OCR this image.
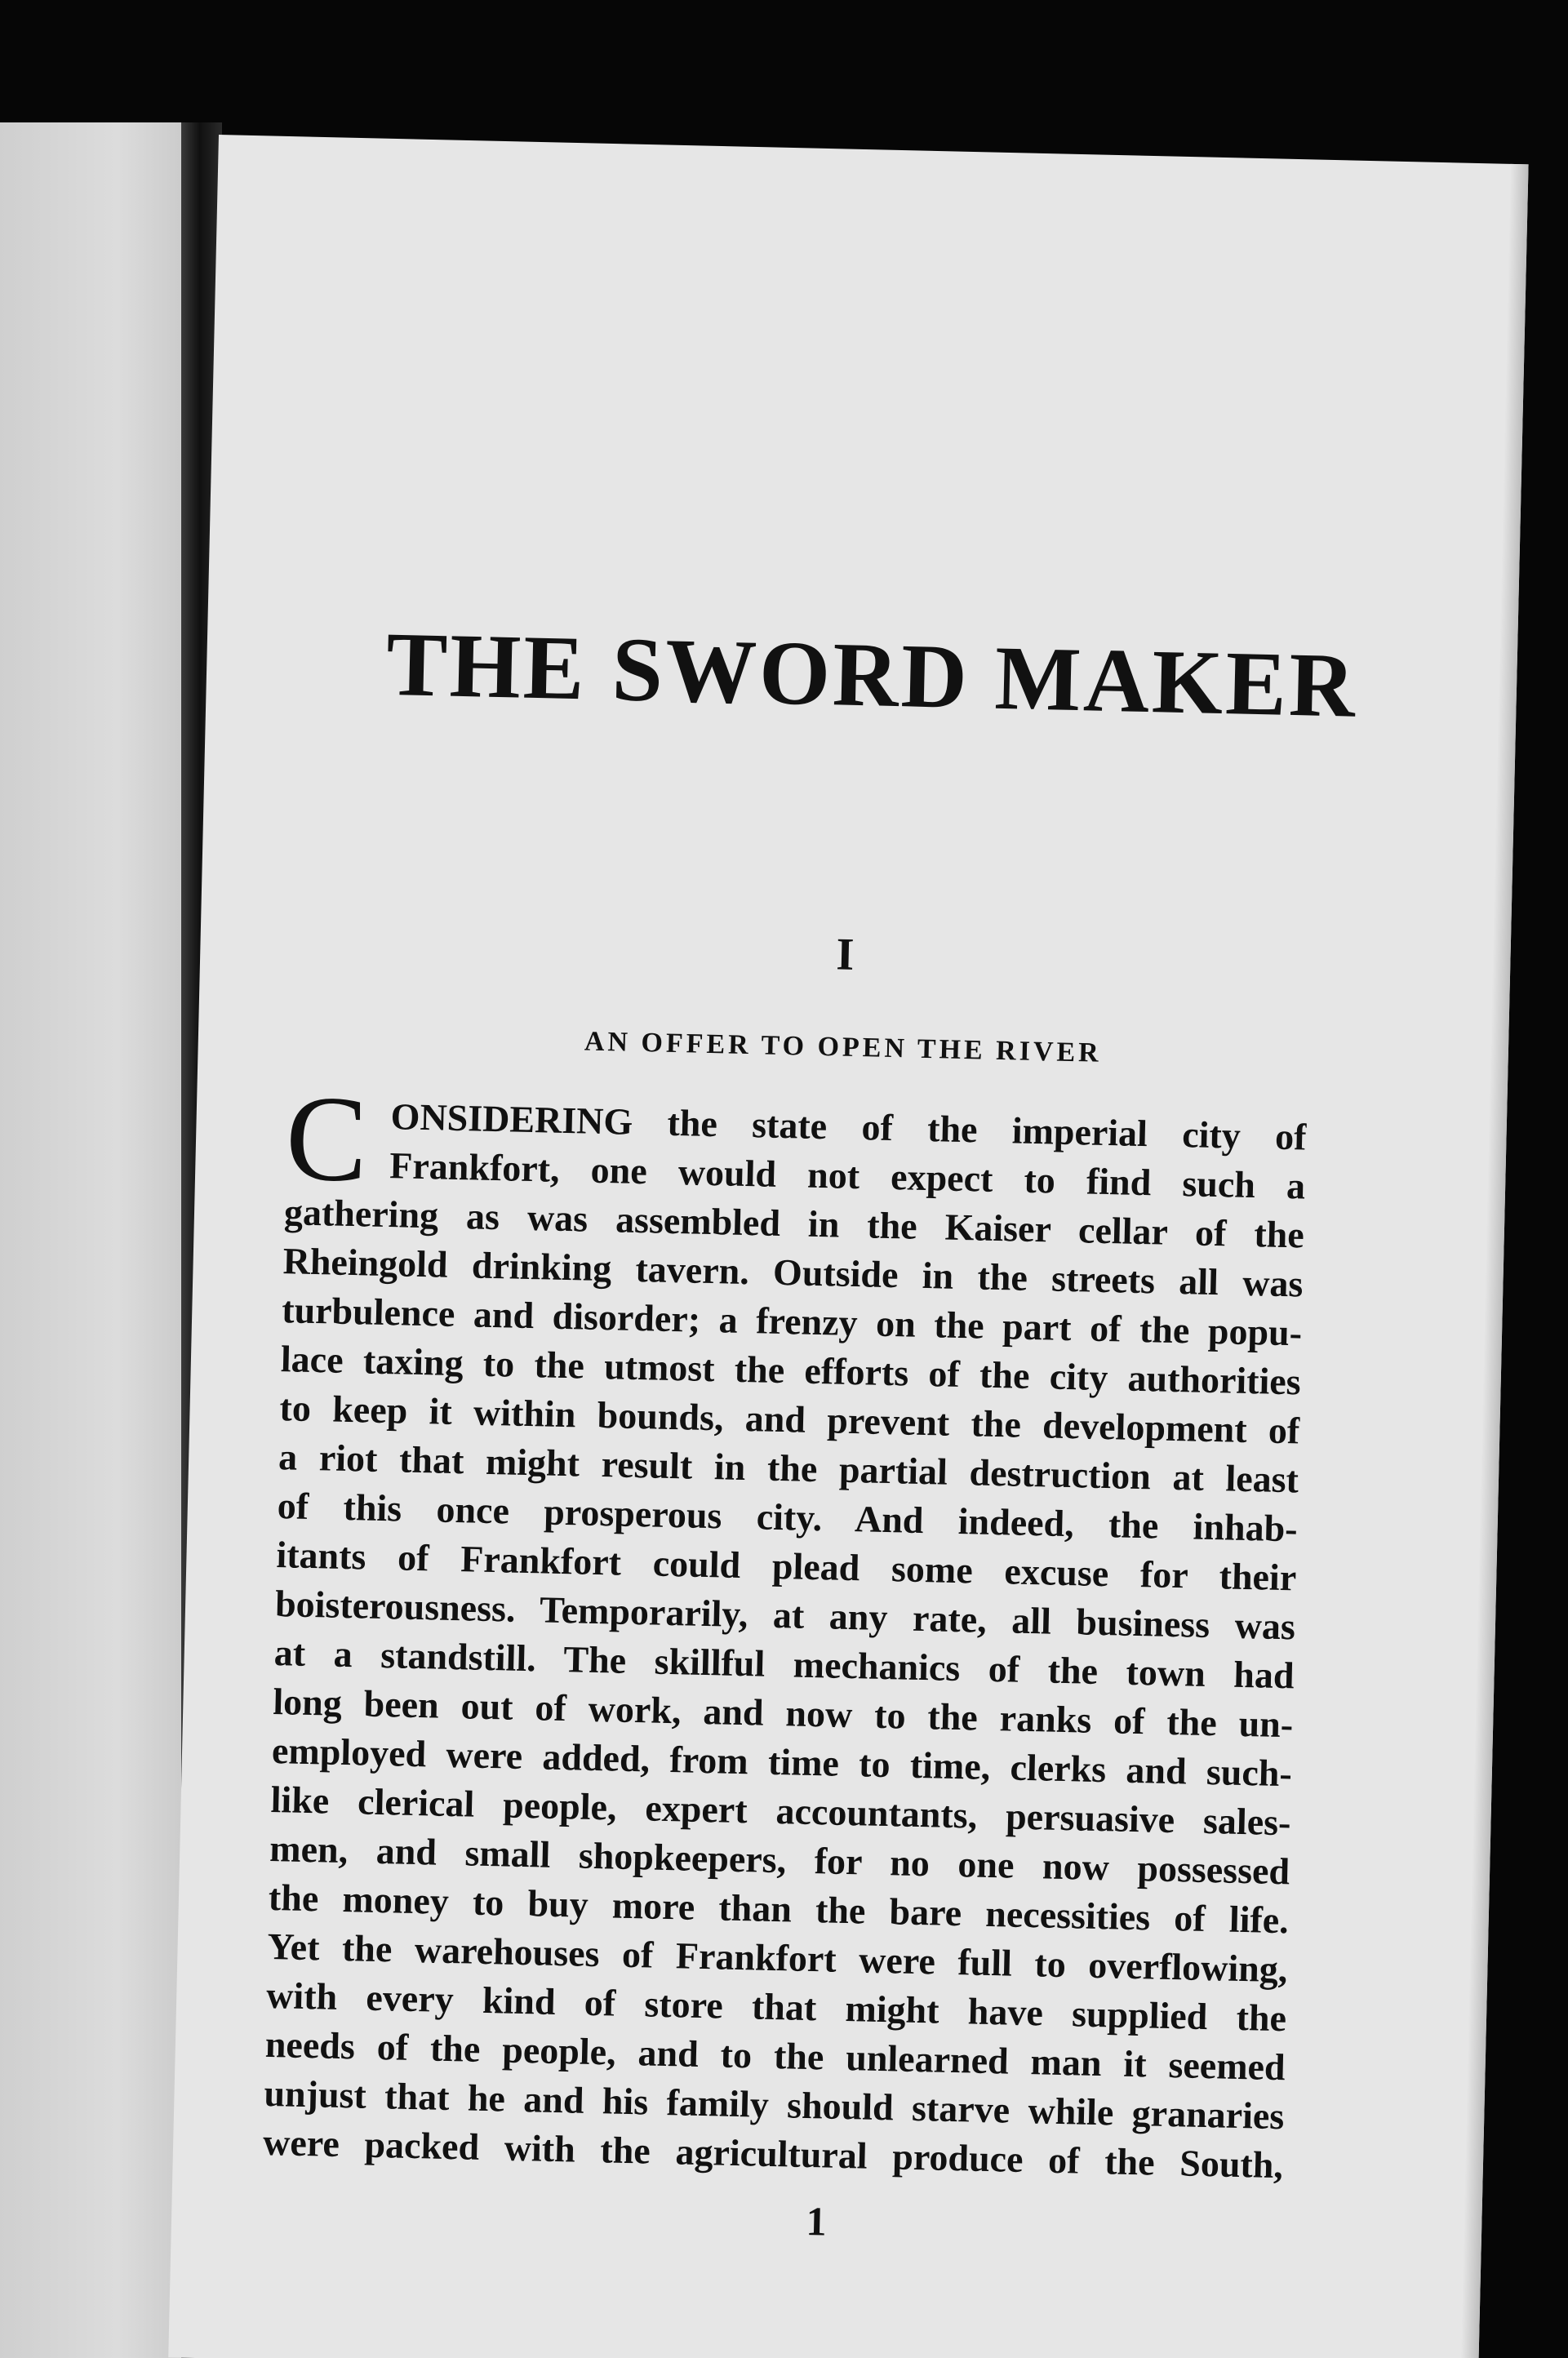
THE SWORD MAKER
I
AN OFFER TO OPEN THE RIVER
C ONSIDERING the state of the imperial city of
Frankfort, one would not expect to find such a
gathering as was assembled in the Kaiser cellar of the
Rheingold drinking tavern. Outside in the streets all was
turbulence and disorder; a frenzy on the part of the popu-
lace taxing to the utmost the efforts of the city authorities
to keep it within bounds, and prevent the development of
a riot that might result in the partial destruction at least
of this once prosperous city. And indeed, the inhab-
itants of Frankfort could plead some excuse for their
boisterousness. Temporarily, at any rate, all business was
at a standstill. The skillful mechanics of the town had
long been out of work, and now to the ranks of the un-
employed were added, from time to time, clerks and such-
like clerical people, expert accountants, persuasive sales-
men, and small shopkeepers, for no one now possessed
the money to buy more than the bare necessities of life.
Yet the warehouses of Frankfort were full to overflowing,
with every kind of store that might have supplied the
needs of the people, and to the unlearned man it seemed
unjust that he and his family should starve while granaries
were packed with the agricultural produce of the South,

1
